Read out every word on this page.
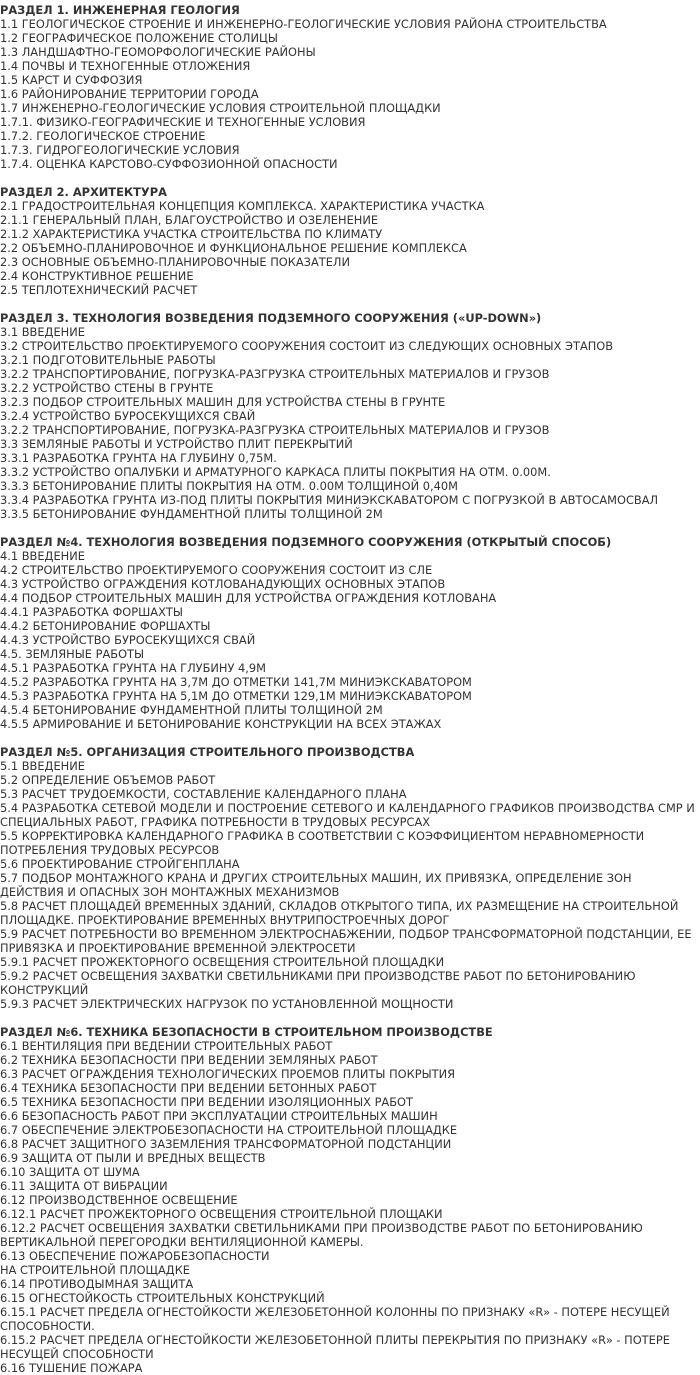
РАЗДЕЛ 1. ИНЖЕНЕРНАЯ ГЕОЛОГИЯ
1.1 ГЕОЛОГИЧЕСКОЕ СТРОЕНИЕ И ИНЖЕНЕРНО-ГЕОЛОГИЧЕСКИЕ УСЛОВИЯ РАЙОНА СТРОИТЕЛЬСТВА
1.2 ГЕОГРАФИЧЕСКОЕ ПОЛОЖЕНИЕ СТОЛИЦЫ
1.3 ЛАНДШАФТНО-ГЕОМОРФОЛОГИЧЕСКИЕ РАЙОНЫ
1.4 ПОЧВЫ И ТЕХНОГЕННЫЕ ОТЛОЖЕНИЯ
1.5 КАРСТ И СУФФОЗИЯ
1.6 РАЙОНИРОВАНИЕ ТЕРРИТОРИИ ГОРОДА
1.7 ИНЖЕНЕРНО-ГЕОЛОГИЧЕСКИЕ УСЛОВИЯ СТРОИТЕЛЬНОЙ ПЛОЩАДКИ
1.7.1. ФИЗИКО-ГЕОГРАФИЧЕСКИЕ И ТЕХНОГЕННЫЕ УСЛОВИЯ
1.7.2. ГЕОЛОГИЧЕСКОЕ СТРОЕНИЕ
1.7.3. ГИДРОГЕОЛОГИЧЕСКИЕ УСЛОВИЯ
1.7.4. ОЦЕНКА КАРСТОВО-СУФФОЗИОННОЙ ОПАСНОСТИ
РАЗДЕЛ 2. АРХИТЕКТУРА
2.1 ГРАДОСТРОИТЕЛЬНАЯ КОНЦЕПЦИЯ КОМПЛЕКСА. ХАРАКТЕРИСТИКА УЧАСТКА
2.1.1 ГЕНЕРАЛЬНЫЙ ПЛАН, БЛАГОУСТРОЙСТВО И ОЗЕЛЕНЕНИЕ
2.1.2 ХАРАКТЕРИСТИКА УЧАСТКА СТРОИТЕЛЬСТВА ПО КЛИМАТУ
2.2 ОБЪЕМНО-ПЛАНИРОВОЧНОЕ И ФУНКЦИОНАЛЬНОЕ РЕШЕНИЕ КОМПЛЕКСА
2.3 ОСНОВНЫЕ ОБЪЕМНО-ПЛАНИРОВОЧНЫЕ ПОКАЗАТЕЛИ
2.4 КОНСТРУКТИВНОЕ РЕШЕНИЕ
2.5 ТЕПЛОТЕХНИЧЕСКИЙ РАСЧЕТ
РАЗДЕЛ 3. ТЕХНОЛОГИЯ ВОЗВЕДЕНИЯ ПОДЗЕМНОГО СООРУЖЕНИЯ («UP-DOWN»)
3.1 ВВЕДЕНИЕ
3.2 СТРОИТЕЛЬСТВО ПРОЕКТИРУЕМОГО СООРУЖЕНИЯ СОСТОИТ ИЗ СЛЕДУЮЩИХ ОСНОВНЫХ ЭТАПОВ
3.2.1 ПОДГОТОВИТЕЛЬНЫЕ РАБОТЫ
3.2.2 ТРАНСПОРТИРОВАНИЕ, ПОГРУЗКА-РАЗГРУЗКА СТРОИТЕЛЬНЫХ МАТЕРИАЛОВ И ГРУЗОВ
3.2.2 УСТРОЙСТВО СТЕНЫ В ГРУНТЕ
3.2.3 ПОДБОР СТРОИТЕЛЬНЫХ МАШИН ДЛЯ УСТРОЙСТВА СТЕНЫ В ГРУНТЕ
3.2.4 УСТРОЙСТВО БУРОСЕКУЩИХСЯ СВАЙ
3.2.2 ТРАНСПОРТИРОВАНИЕ, ПОГРУЗКА-РАЗГРУЗКА СТРОИТЕЛЬНЫХ МАТЕРИАЛОВ И ГРУЗОВ
3.3 ЗЕМЛЯНЫЕ РАБОТЫ И УСТРОЙСТВО ПЛИТ ПЕРЕКРЫТИЙ
3.3.1 РАЗРАБОТКА ГРУНТА НА ГЛУБИНУ 0,75М.
3.3.2 УСТРОЙСТВО ОПАЛУБКИ И АРМАТУРНОГО КАРКАСА ПЛИТЫ ПОКРЫТИЯ НА ОТМ. 0.00М.
3.3.3 БЕТОНИРОВАНИЕ ПЛИТЫ ПОКРЫТИЯ НА ОТМ. 0.00М ТОЛЩИНОЙ 0,40М
3.3.4 РАЗРАБОТКА ГРУНТА ИЗ-ПОД ПЛИТЫ ПОКРЫТИЯ МИНИЭКСКАВАТОРОМ С ПОГРУЗКОЙ В АВТОСАМОСВАЛ
3.3.5 БЕТОНИРОВАНИЕ ФУНДАМЕНТНОЙ ПЛИТЫ ТОЛЩИНОЙ 2М
РАЗДЕЛ №4. ТЕХНОЛОГИЯ ВОЗВЕДЕНИЯ ПОДЗЕМНОГО СООРУЖЕНИЯ (ОТКРЫТЫЙ СПОСОБ)
4.1 ВВЕДЕНИЕ
4.2 СТРОИТЕЛЬСТВО ПРОЕКТИРУЕМОГО СООРУЖЕНИЯ СОСТОИТ ИЗ СЛЕ
4.3 УСТРОЙСТВО ОГРАЖДЕНИЯ КОТЛОВАНАДУЮЩИХ ОСНОВНЫХ ЭТАПОВ
4.4 ПОДБОР СТРОИТЕЛЬНЫХ МАШИН ДЛЯ УСТРОЙСТВА ОГРАЖДЕНИЯ КОТЛОВАНА
4.4.1 РАЗРАБОТКА ФОРШАХТЫ
4.4.2 БЕТОНИРОВАНИЕ ФОРШАХТЫ
4.4.3 УСТРОЙСТВО БУРОСЕКУЩИХСЯ СВАЙ
4.5. ЗЕМЛЯНЫЕ РАБОТЫ
4.5.1 РАЗРАБОТКА ГРУНТА НА ГЛУБИНУ 4,9М
4.5.2 РАЗРАБОТКА ГРУНТА НА 3,7М ДО ОТМЕТКИ 141,7М МИНИЭКСКАВАТОРОМ
4.5.3 РАЗРАБОТКА ГРУНТА НА 5,1М ДО ОТМЕТКИ 129,1М МИНИЭКСКАВАТОРОМ
4.5.4 БЕТОНИРОВАНИЕ ФУНДАМЕНТНОЙ ПЛИТЫ ТОЛЩИНОЙ 2М
4.5.5 АРМИРОВАНИЕ И БЕТОНИРОВАНИЕ КОНСТРУКЦИИ НА ВСЕХ ЭТАЖАХ
РАЗДЕЛ №5. ОРГАНИЗАЦИЯ СТРОИТЕЛЬНОГО ПРОИЗВОДСТВА
5.1 ВВЕДЕНИЕ
5.2 ОПРЕДЕЛЕНИЕ ОБЪЕМОВ РАБОТ
5.3 РАСЧЕТ ТРУДОЕМКОСТИ, СОСТАВЛЕНИЕ КАЛЕНДАРНОГО ПЛАНА
5.4 РАЗРАБОТКА СЕТЕВОЙ МОДЕЛИ И ПОСТРОЕНИЕ СЕТЕВОГО И КАЛЕНДАРНОГО ГРАФИКОВ ПРОИЗВОДСТВА СМР И СПЕЦИАЛЬНЫХ РАБОТ, ГРАФИКА ПОТРЕБНОСТИ В ТРУДОВЫХ РЕСУРСАХ
5.5 КОРРЕКТИРОВКА КАЛЕНДАРНОГО ГРАФИКА В СООТВЕТСТВИИ С КОЭФФИЦИЕНТОМ НЕРАВНОМЕРНОСТИ ПОТРЕБЛЕНИЯ ТРУДОВЫХ РЕСУРСОВ
5.6 ПРОЕКТИРОВАНИЕ СТРОЙГЕНПЛАНА
5.7 ПОДБОР МОНТАЖНОГО КРАНА И ДРУГИХ СТРОИТЕЛЬНЫХ МАШИН, ИХ ПРИВЯЗКА, ОПРЕДЕЛЕНИЕ ЗОН ДЕЙСТВИЯ И ОПАСНЫХ ЗОН МОНТАЖНЫХ МЕХАНИЗМОВ
5.8 РАСЧЕТ ПЛОЩАДЕЙ ВРЕМЕННЫХ ЗДАНИЙ, СКЛАДОВ ОТКРЫТОГО ТИПА, ИХ РАЗМЕЩЕНИЕ НА СТРОИТЕЛЬНОЙ ПЛОЩАДКЕ. ПРОЕКТИРОВАНИЕ ВРЕМЕННЫХ ВНУТРИПОСТРОЕЧНЫХ ДОРОГ
5.9 РАСЧЕТ ПОТРЕБНОСТИ ВО ВРЕМЕННОМ ЭЛЕКТРОСНАБЖЕНИИ, ПОДБОР ТРАНСФОРМАТОРНОЙ ПОДСТАНЦИИ, ЕЕ ПРИВЯЗКА И ПРОЕКТИРОВАНИЕ ВРЕМЕННОЙ ЭЛЕКТРОСЕТИ
5.9.1 РАСЧЕТ ПРОЖЕКТОРНОГО ОСВЕЩЕНИЯ СТРОИТЕЛЬНОЙ ПЛОЩАДКИ
5.9.2 РАСЧЕТ ОСВЕЩЕНИЯ ЗАХВАТКИ СВЕТИЛЬНИКАМИ ПРИ ПРОИЗВОДСТВЕ РАБОТ ПО БЕТОНИРОВАНИЮ КОНСТРУКЦИЙ
5.9.3 РАСЧЕТ ЭЛЕКТРИЧЕСКИХ НАГРУЗОК ПО УСТАНОВЛЕННОЙ МОЩНОСТИ
РАЗДЕЛ №6. ТЕХНИКА БЕЗОПАСНОСТИ В СТРОИТЕЛЬНОМ ПРОИЗВОДСТВЕ
6.1 ВЕНТИЛЯЦИЯ ПРИ ВЕДЕНИИ СТРОИТЕЛЬНЫХ РАБОТ
6.2 ТЕХНИКА БЕЗОПАСНОСТИ ПРИ ВЕДЕНИИ ЗЕМЛЯНЫХ РАБОТ
6.3 РАСЧЕТ ОГРАЖДЕНИЯ ТЕХНОЛОГИЧЕСКИХ ПРОЕМОВ ПЛИТЫ ПОКРЫТИЯ
6.4 ТЕХНИКА БЕЗОПАСНОСТИ ПРИ ВЕДЕНИИ БЕТОННЫХ РАБОТ
6.5 ТЕХНИКА БЕЗОПАСНОСТИ ПРИ ВЕДЕНИИ ИЗОЛЯЦИОННЫХ РАБОТ
6.6 БЕЗОПАСНОСТЬ РАБОТ ПРИ ЭКСПЛУАТАЦИИ СТРОИТЕЛЬНЫХ МАШИН
6.7 ОБЕСПЕЧЕНИЕ ЭЛЕКТРОБЕЗОПАСНОСТИ НА СТРОИТЕЛЬНОЙ ПЛОЩАДКЕ
6.8 РАСЧЕТ ЗАЩИТНОГО ЗАЗЕМЛЕНИЯ ТРАНСФОРМАТОРНОЙ ПОДСТАНЦИИ
6.9 ЗАЩИТА ОТ ПЫЛИ И ВРЕДНЫХ ВЕЩЕСТВ
6.10 ЗАЩИТА ОТ ШУМА
6.11 ЗАЩИТА ОТ ВИБРАЦИИ
6.12 ПРОИЗВОДСТВЕННОЕ ОСВЕЩЕНИЕ
6.12.1 РАСЧЕТ ПРОЖЕКТОРНОГО ОСВЕЩЕНИЯ СТРОИТЕЛЬНОЙ ПЛОЩАКИ
6.12.2 РАСЧЕТ ОСВЕЩЕНИЯ ЗАХВАТКИ СВЕТИЛЬНИКАМИ ПРИ ПРОИЗВОДСТВЕ РАБОТ ПО БЕТОНИРОВАНИЮ ВЕРТИКАЛЬНОЙ ПЕРЕГОРОДКИ ВЕНТИЛЯЦИОННОЙ КАМЕРЫ.
6.13 ОБЕСПЕЧЕНИЕ ПОЖАРОБЕЗОПАСНОСТИ
НА СТРОИТЕЛЬНОЙ ПЛОЩАДКЕ
6.14 ПРОТИВОДЫМНАЯ ЗАЩИТА
6.15 ОГНЕСТОЙКОСТЬ СТРОИТЕЛЬНЫХ КОНСТРУКЦИЙ
6.15.1 РАСЧЕТ ПРЕДЕЛА ОГНЕСТОЙКОСТИ ЖЕЛЕЗОБЕТОННОЙ КОЛОННЫ ПО ПРИЗНАКУ «R» - ПОТЕРЕ НЕСУЩЕЙ СПОСОБНОСТИ.
6.15.2 РАСЧЕТ ПРЕДЕЛА ОГНЕСТОЙКОСТИ ЖЕЛЕЗОБЕТОННОЙ ПЛИТЫ ПЕРЕКРЫТИЯ ПО ПРИЗНАКУ «R» - ПОТЕРЕ НЕСУЩЕЙ СПОСОБНОСТИ
6.16 ТУШЕНИЕ ПОЖАРА
